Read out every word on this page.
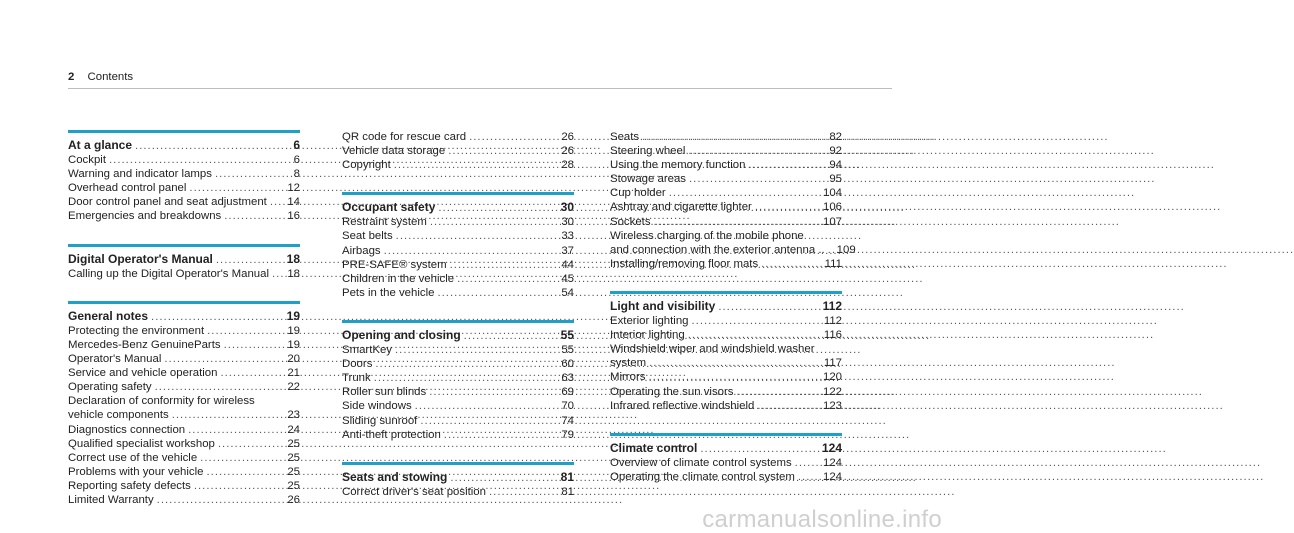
2 Contents
At a glance .....	6
Cockpit .....	6
Warning and indicator lamps .....	8
Overhead control panel .....	12
Door control panel and seat adjustment ..... 14
Emergencies and breakdowns .....	16
Digital Operator's Manual .....	18
Calling up the Digital Operator's Manual ..... 18
General notes .....	19
Protecting the environment .....	19
Mercedes-Benz GenuineParts .....	19
Operator's Manual .....	20
Service and vehicle operation .....	21
Operating safety .....	22
Declaration of conformity for wireless
vehicle components .....	23
Diagnostics connection .....	24
Qualified specialist workshop .....	25
Correct use of the vehicle .....	25
Problems with your vehicle .....	25
Reporting safety defects .....	25
Limited Warranty .....	26
QR code for rescue card .....	26
Vehicle data storage .....	26
Copyright .....	28
Occupant safety .....	30
Restraint system .....	30
Seat belts .....	33
Airbags .....	37
PRE-SAFE® system .....	44
Children in the vehicle .....	45
Pets in the vehicle .....	54
Opening and closing .....	55
SmartKey .....	55
Doors .....	60
Trunk .....	63
Roller sun blinds .....	69
Side windows .....	70
Sliding sunroof .....	74
Anti-theft protection .....	79
Seats and stowing .....	81
Correct driver's seat position .....	81
Seats .....	82
Steering wheel .....	92
Using the memory function .....	94
Stowage areas .....	95
Cup holder .....	104
Ashtray and cigarette lighter .....	106
Sockets .....	107
Wireless charging of the mobile phone
and connection with the exterior antenna .. ..... 109
Installing/removing floor mats .....	111
Light and visibility .....	112
Exterior lighting .....	112
Interior lighting .....	116
Windshield wiper and windshield washer
system .....	117
Mirrors .....	120
Operating the sun visors .....	122
Infrared reflective windshield .....	123
Climate control .....	124
Overview of climate control systems .....	124
Operating the climate control system ..... 124
carmanualsonline.info
